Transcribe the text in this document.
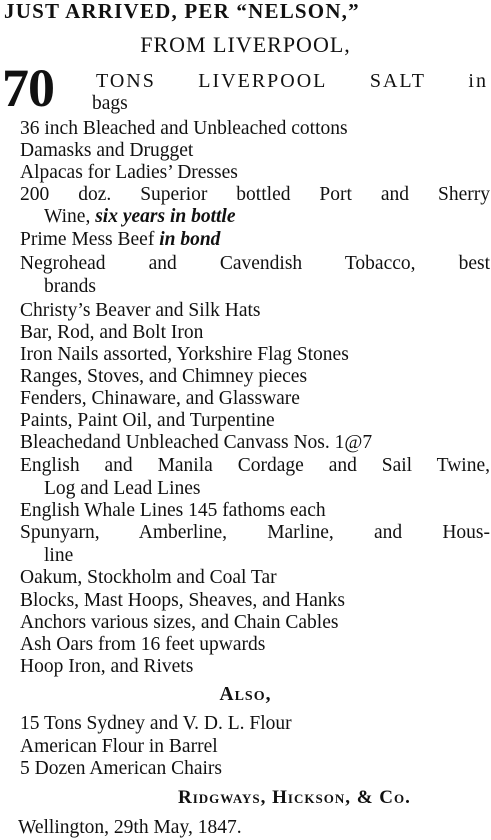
JUST ARRIVED, PER “NELSON,”
FROM LIVERPOOL,
70 TONS LIVERPOOL SALT in
bags
36 inch Bleached and Unbleached cottons
Damasks and Drugget
Alpacas for Ladies’ Dresses
200 doz. Superior bottled Port and Sherry
Wine, six years in bottle
Prime Mess Beef in bond
Negrohead and Cavendish Tobacco, best
brands
Christy’s Beaver and Silk Hats
Bar, Rod, and Bolt Iron
Iron Nails assorted, Yorkshire Flag Stones
Ranges, Stoves, and Chimney pieces
Fenders, Chinaware, and Glassware
Paints, Paint Oil, and Turpentine
Bleachedand Unbleached Canvass Nos. 1@7
English and Manila Cordage and Sail Twine,
Log and Lead Lines
English Whale Lines 145 fathoms each
Spunyarn, Amberline, Marline, and Hous-
line
Oakum, Stockholm and Coal Tar
Blocks, Mast Hoops, Sheaves, and Hanks
Anchors various sizes, and Chain Cables
Ash Oars from 16 feet upwards
Hoop Iron, and Rivets
Also,
15 Tons Sydney and V. D. L. Flour
American Flour in Barrel
5 Dozen American Chairs
Ridgways, Hickson, & Co.
Wellington, 29th May, 1847.
